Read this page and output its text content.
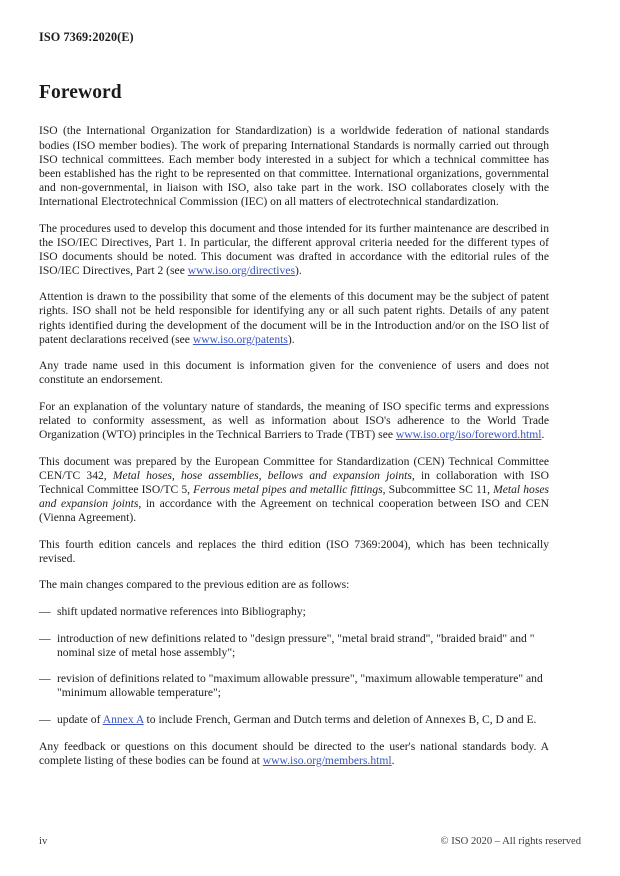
ISO 7369:2020(E)
Foreword

ISO (the International Organization for Standardization) is a worldwide federation of national standards bodies (ISO member bodies). The work of preparing International Standards is normally carried out through ISO technical committees. Each member body interested in a subject for which a technical committee has been established has the right to be represented on that committee. International organizations, governmental and non-governmental, in liaison with ISO, also take part in the work. ISO collaborates closely with the International Electrotechnical Commission (IEC) on all matters of electrotechnical standardization.

The procedures used to develop this document and those intended for its further maintenance are described in the ISO/IEC Directives, Part 1. In particular, the different approval criteria needed for the different types of ISO documents should be noted. This document was drafted in accordance with the editorial rules of the ISO/IEC Directives, Part 2 (see www.iso.org/directives).

Attention is drawn to the possibility that some of the elements of this document may be the subject of patent rights. ISO shall not be held responsible for identifying any or all such patent rights. Details of any patent rights identified during the development of the document will be in the Introduction and/or on the ISO list of patent declarations received (see www.iso.org/patents).

Any trade name used in this document is information given for the convenience of users and does not constitute an endorsement.

For an explanation of the voluntary nature of standards, the meaning of ISO specific terms and expressions related to conformity assessment, as well as information about ISO's adherence to the World Trade Organization (WTO) principles in the Technical Barriers to Trade (TBT) see www.iso.org/iso/foreword.html.

This document was prepared by the European Committee for Standardization (CEN) Technical Committee CEN/TC 342, Metal hoses, hose assemblies, bellows and expansion joints, in collaboration with ISO Technical Committee ISO/TC 5, Ferrous metal pipes and metallic fittings, Subcommittee SC 11, Metal hoses and expansion joints, in accordance with the Agreement on technical cooperation between ISO and CEN (Vienna Agreement).

This fourth edition cancels and replaces the third edition (ISO 7369:2004), which has been technically revised.

The main changes compared to the previous edition are as follows:

— shift updated normative references into Bibliography;
— introduction of new definitions related to "design pressure", "metal braid strand", "braided braid" and " nominal size of metal hose assembly";
— revision of definitions related to "maximum allowable pressure", "maximum allowable temperature" and "minimum allowable temperature";
— update of Annex A to include French, German and Dutch terms and deletion of Annexes B, C, D and E.

Any feedback or questions on this document should be directed to the user's national standards body. A complete listing of these bodies can be found at www.iso.org/members.html.

iv	© ISO 2020 – All rights reserved
